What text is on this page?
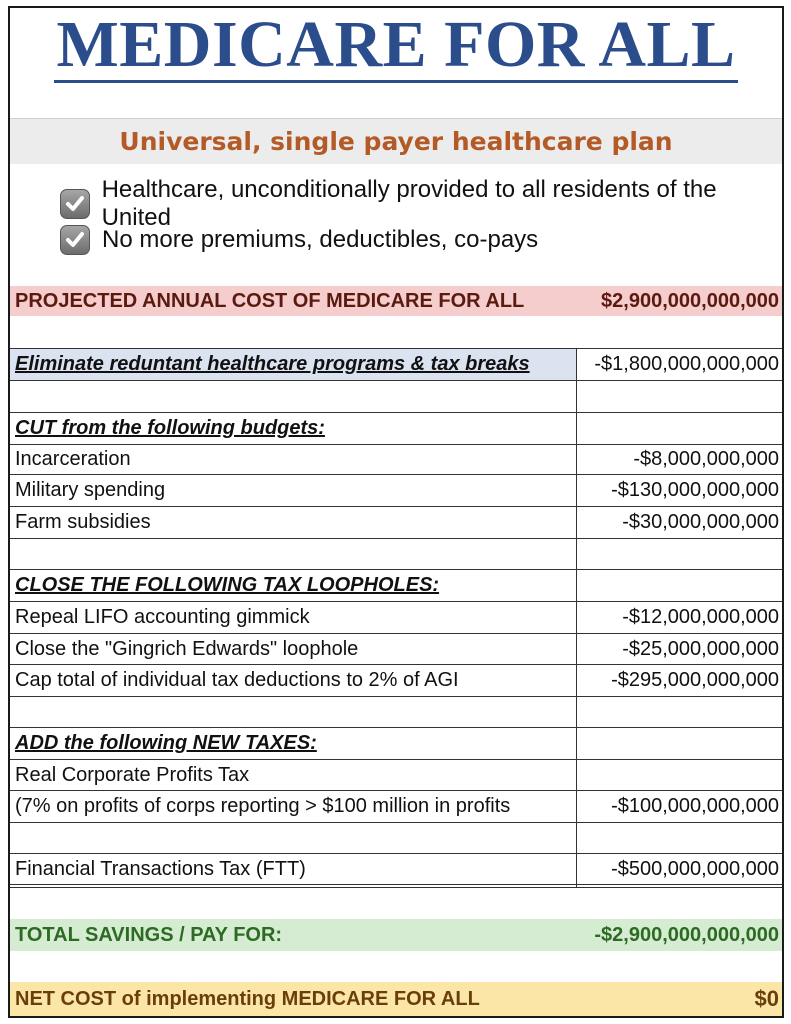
MEDICARE FOR ALL
Universal, single payer healthcare plan
Healthcare, unconditionally provided to all residents of the United
No more premiums, deductibles, co-pays
PROJECTED ANNUAL COST OF MEDICARE FOR ALL	$2,900,000,000,000
Eliminate reduntant healthcare programs & tax breaks	-$1,800,000,000,000
CUT from the following budgets:
Incarceration	-$8,000,000,000
Military spending	-$130,000,000,000
Farm subsidies	-$30,000,000,000
CLOSE THE FOLLOWING TAX LOOPHOLES:
Repeal LIFO accounting gimmick	-$12,000,000,000
Close the "Gingrich Edwards" loophole	-$25,000,000,000
Cap total of individual tax deductions to 2% of AGI	-$295,000,000,000
ADD the following NEW TAXES:
Real Corporate Profits Tax
(7% on profits of corps reporting > $100 million in profits	-$100,000,000,000
Financial Transactions Tax (FTT)	-$500,000,000,000
TOTAL SAVINGS / PAY FOR:	-$2,900,000,000,000
NET COST of implementing MEDICARE FOR ALL	$0
